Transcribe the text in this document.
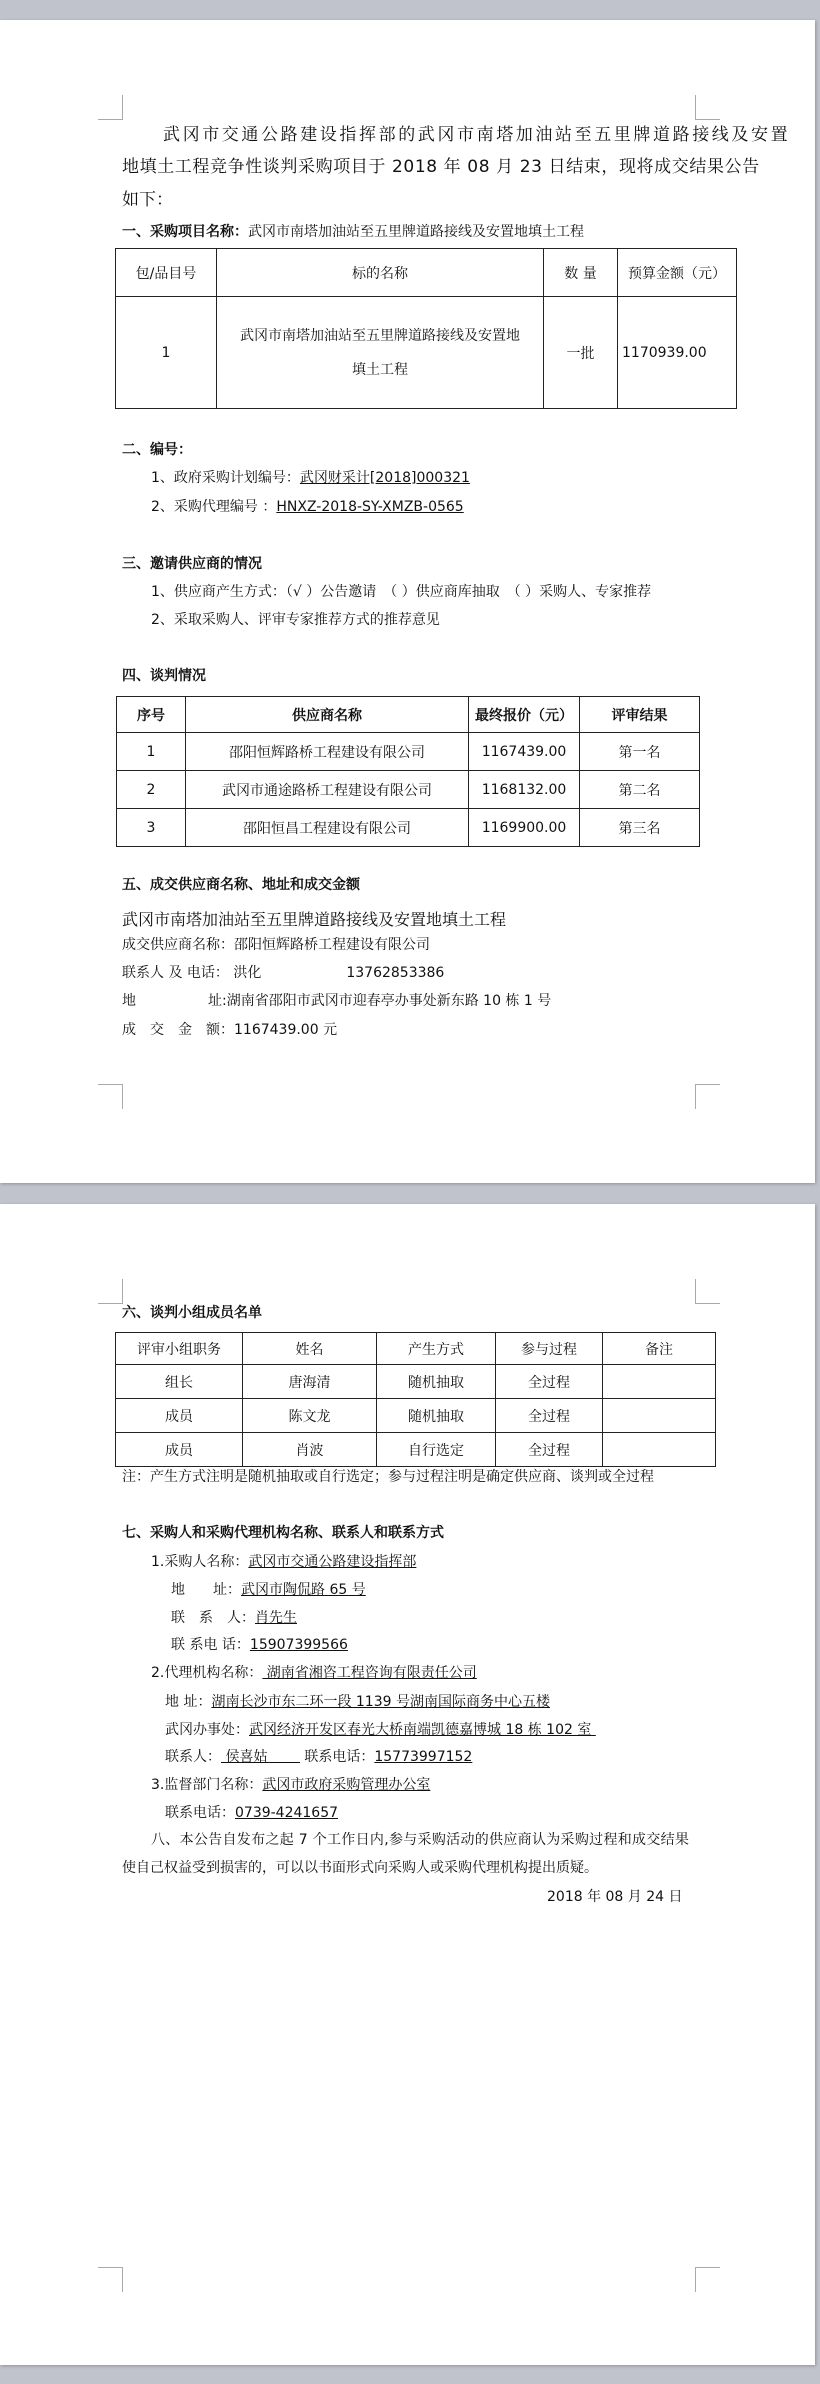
武冈市交通公路建设指挥部的武冈市南塔加油站至五里牌道路接线及安置
地填土工程竞争性谈判采购项目于 2018 年 08 月 23 日结束，现将成交结果公告
如下：
一、采购项目名称：武冈市南塔加油站至五里牌道路接线及安置地填土工程
包/品目号	标的名称	数 量	预算金额（元）
1	武冈市南塔加油站至五里牌道路接线及安置地
填土工程	一批	1170939.00
二、编号：
1、政府采购计划编号：武冈财采计[2018]000321
2、采购代理编号 ：HNXZ-2018-SY-XMZB-0565
三、邀请供应商的情况
1、供应商产生方式：（√ ）公告邀请　（ ）供应商库抽取　（ ）采购人、专家推荐
2、采取采购人、评审专家推荐方式的推荐意见
四、谈判情况
序号	供应商名称	最终报价（元）	评审结果
1	邵阳恒辉路桥工程建设有限公司	1167439.00	第一名
2	武冈市通途路桥工程建设有限公司	1168132.00	第二名
3	邵阳恒昌工程建设有限公司	1169900.00	第三名
五、成交供应商名称、地址和成交金额
武冈市南塔加油站至五里牌道路接线及安置地填土工程
成交供应商名称：邵阳恒辉路桥工程建设有限公司
联系人 及 电话： 洪化	13762853386
地	址:湖南省邵阳市武冈市迎春亭办事处新东路 10 栋 1 号
成　交　金　额：1167439.00 元
六、谈判小组成员名单
评审小组职务	姓名	产生方式	参与过程	备注
组长	唐海清	随机抽取	全过程	
成员	陈文龙	随机抽取	全过程	
成员	肖波	自行选定	全过程	
注：产生方式注明是随机抽取或自行选定；参与过程注明是确定供应商、谈判或全过程
七、采购人和采购代理机构名称、联系人和联系方式
1.采购人名称：武冈市交通公路建设指挥部
地　　址：武冈市陶侃路 65 号
联　系　人：肖先生
联 系电 话：15907399566
2.代理机构名称： 湖南省湘咨工程咨询有限责任公司
地 址：湖南长沙市东二环一段 1139 号湖南国际商务中心五楼
武冈办事处：武冈经济开发区春光大桥南端凯德嘉博城 18 栋 102 室
联系人： 侯喜姑　　  联系电话：15773997152
3.监督部门名称：武冈市政府采购管理办公室
联系电话：0739-4241657
八、本公告自发布之起 7 个工作日内,参与采购活动的供应商认为采购过程和成交结果
使自己权益受到损害的，可以以书面形式向采购人或采购代理机构提出质疑。
2018 年 08 月 24 日
